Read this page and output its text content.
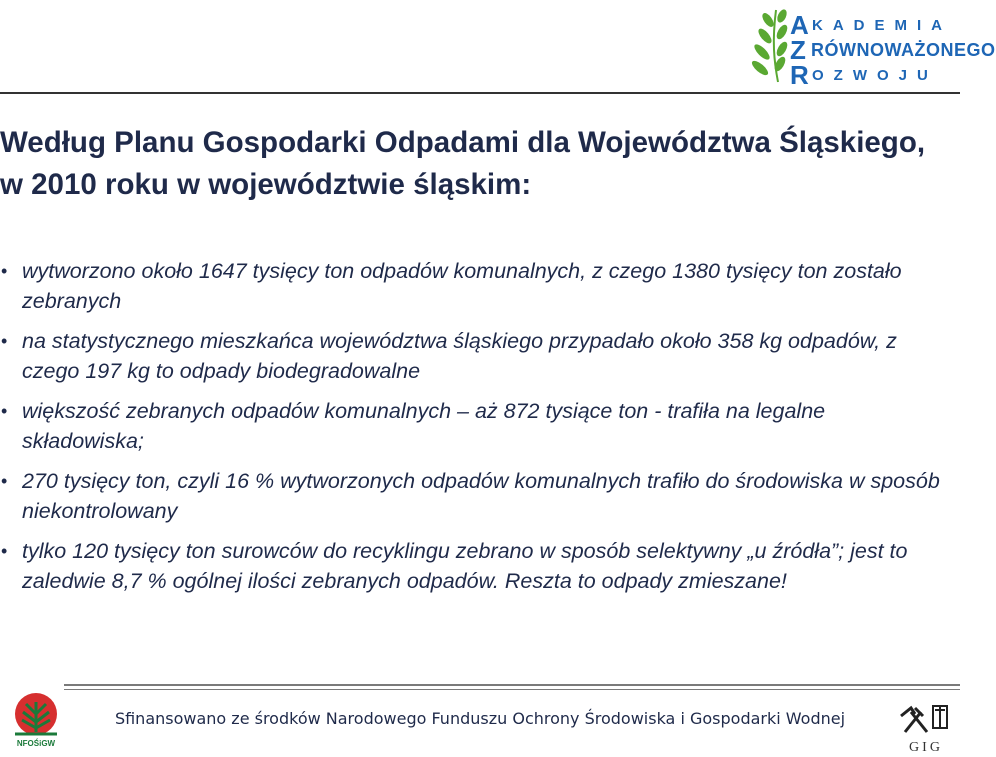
A KADEMIA
Z RÓWNOWAŻONEGO
R OZWOJU
Według Planu Gospodarki Odpadami dla Województwa Śląskiego, w 2010 roku w województwie śląskim:
• wytworzono około 1647 tysięcy ton odpadów komunalnych, z czego 1380 tysięcy ton zostało zebranych
• na statystycznego mieszkańca województwa śląskiego przypadało około 358 kg odpadów, z czego 197 kg to odpady biodegradowalne
• większość zebranych odpadów komunalnych – aż 872 tysiące ton - trafiła na legalne składowiska;
• 270 tysięcy ton, czyli 16 % wytworzonych odpadów komunalnych trafiło do środowiska w sposób niekontrolowany
• tylko 120 tysięcy ton surowców do recyklingu zebrano w sposób selektywny „u źródła”; jest to zaledwie 8,7 % ogólnej ilości zebranych odpadów. Reszta to odpady zmieszane!
NFOŚiGW
Sfinansowano ze środków Narodowego Funduszu Ochrony Środowiska i Gospodarki Wodnej
GIG
